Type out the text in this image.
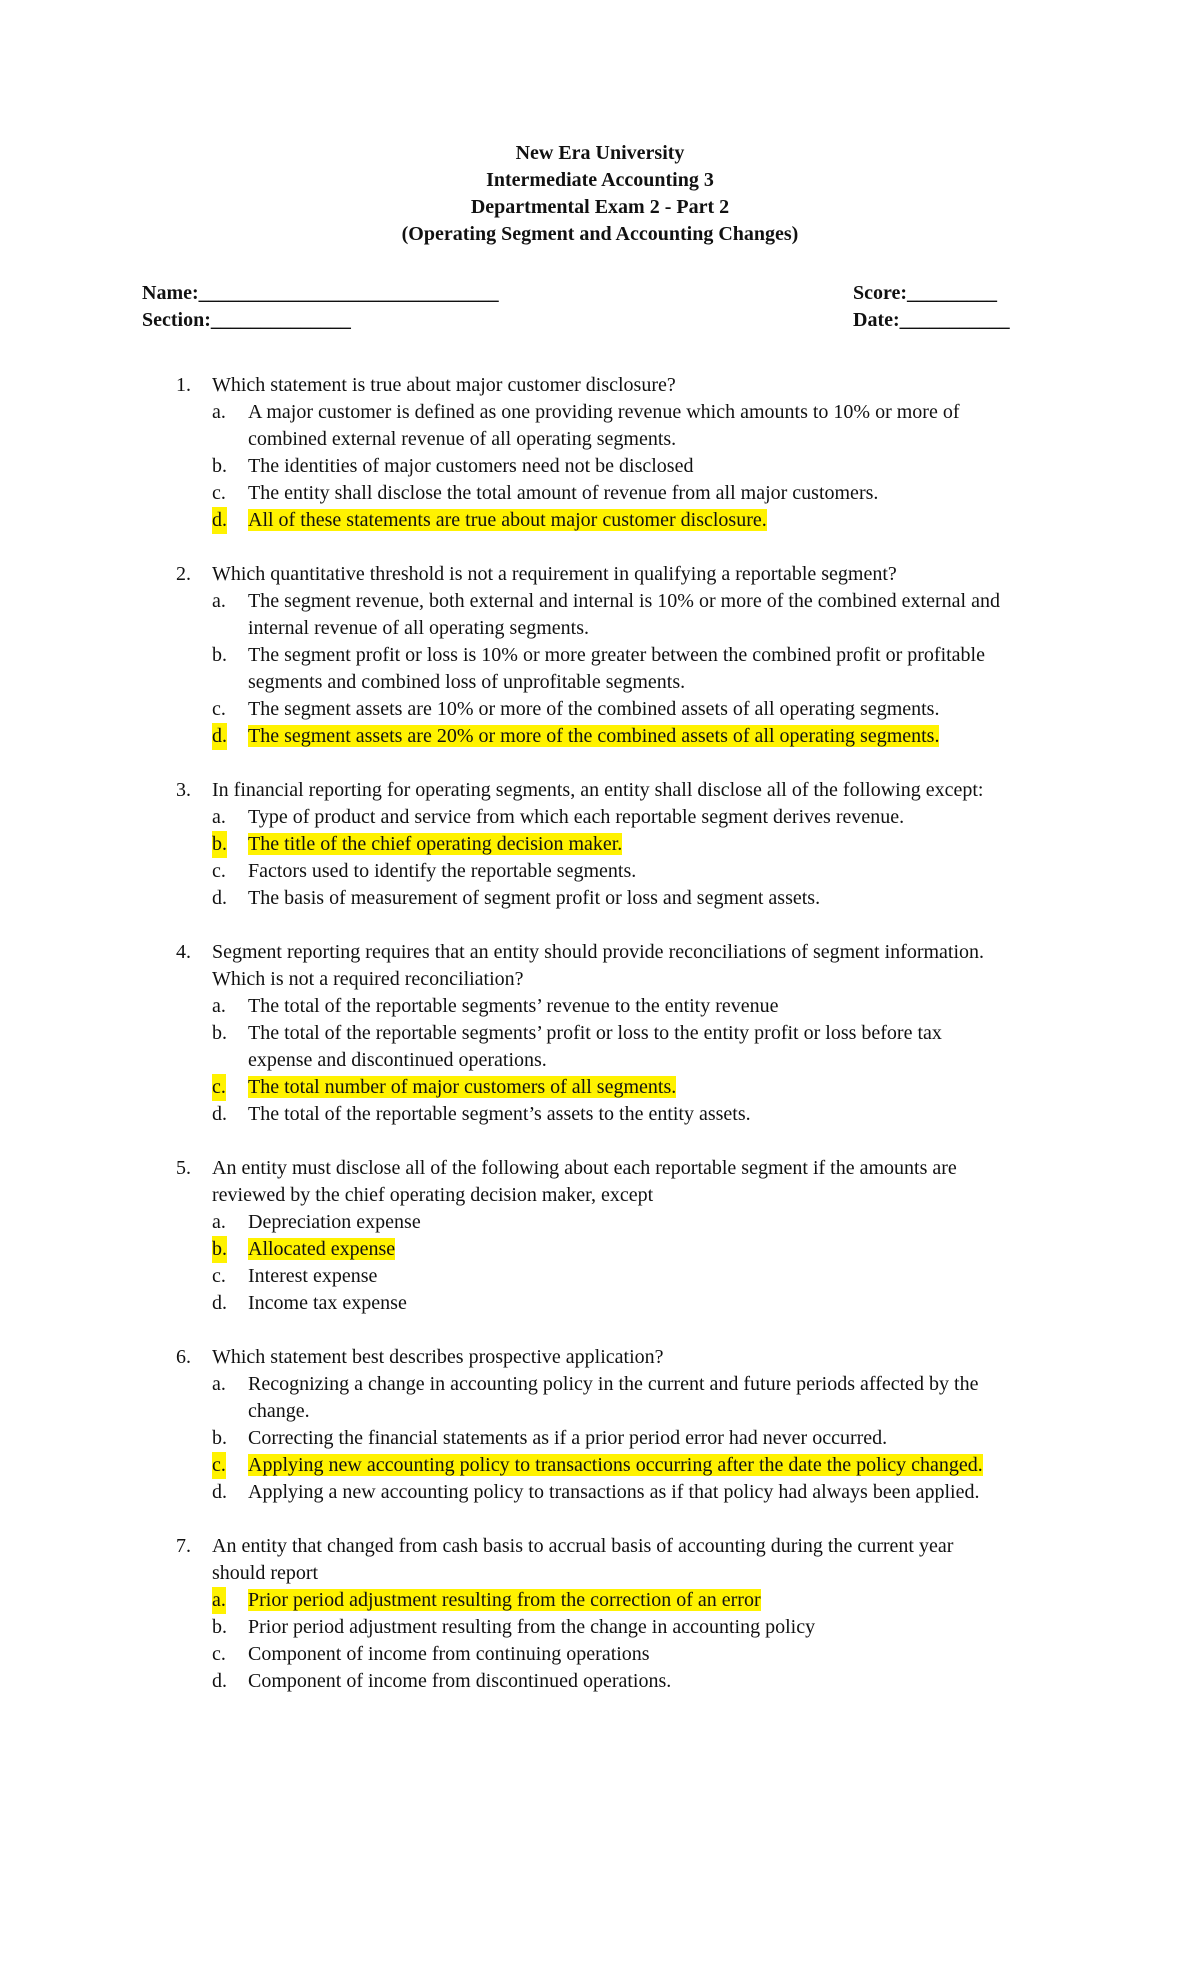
New Era University
Intermediate Accounting 3
Departmental Exam 2 - Part 2
(Operating Segment and Accounting Changes)
Name:______________________________
Section:______________
Score:_________
Date:___________
1. Which statement is true about major customer disclosure?
a. A major customer is defined as one providing revenue which amounts to 10% or more of
combined external revenue of all operating segments.
b. The identities of major customers need not be disclosed
c. The entity shall disclose the total amount of revenue from all major customers.
d. All of these statements are true about major customer disclosure.
2. Which quantitative threshold is not a requirement in qualifying a reportable segment?
a. The segment revenue, both external and internal is 10% or more of the combined external and
internal revenue of all operating segments.
b. The segment profit or loss is 10% or more greater between the combined profit or profitable
segments and combined loss of unprofitable segments.
c. The segment assets are 10% or more of the combined assets of all operating segments.
d. The segment assets are 20% or more of the combined assets of all operating segments.
3. In financial reporting for operating segments, an entity shall disclose all of the following except:
a. Type of product and service from which each reportable segment derives revenue.
b. The title of the chief operating decision maker.
c. Factors used to identify the reportable segments.
d. The basis of measurement of segment profit or loss and segment assets.
4. Segment reporting requires that an entity should provide reconciliations of segment information.
Which is not a required reconciliation?
a. The total of the reportable segments’ revenue to the entity revenue
b. The total of the reportable segments’ profit or loss to the entity profit or loss before tax
expense and discontinued operations.
c. The total number of major customers of all segments.
d. The total of the reportable segment’s assets to the entity assets.
5. An entity must disclose all of the following about each reportable segment if the amounts are
reviewed by the chief operating decision maker, except
a. Depreciation expense
b. Allocated expense
c. Interest expense
d. Income tax expense
6. Which statement best describes prospective application?
a. Recognizing a change in accounting policy in the current and future periods affected by the
change.
b. Correcting the financial statements as if a prior period error had never occurred.
c. Applying new accounting policy to transactions occurring after the date the policy changed.
d. Applying a new accounting policy to transactions as if that policy had always been applied.
7. An entity that changed from cash basis to accrual basis of accounting during the current year
should report
a. Prior period adjustment resulting from the correction of an error
b. Prior period adjustment resulting from the change in accounting policy
c. Component of income from continuing operations
d. Component of income from discontinued operations.
